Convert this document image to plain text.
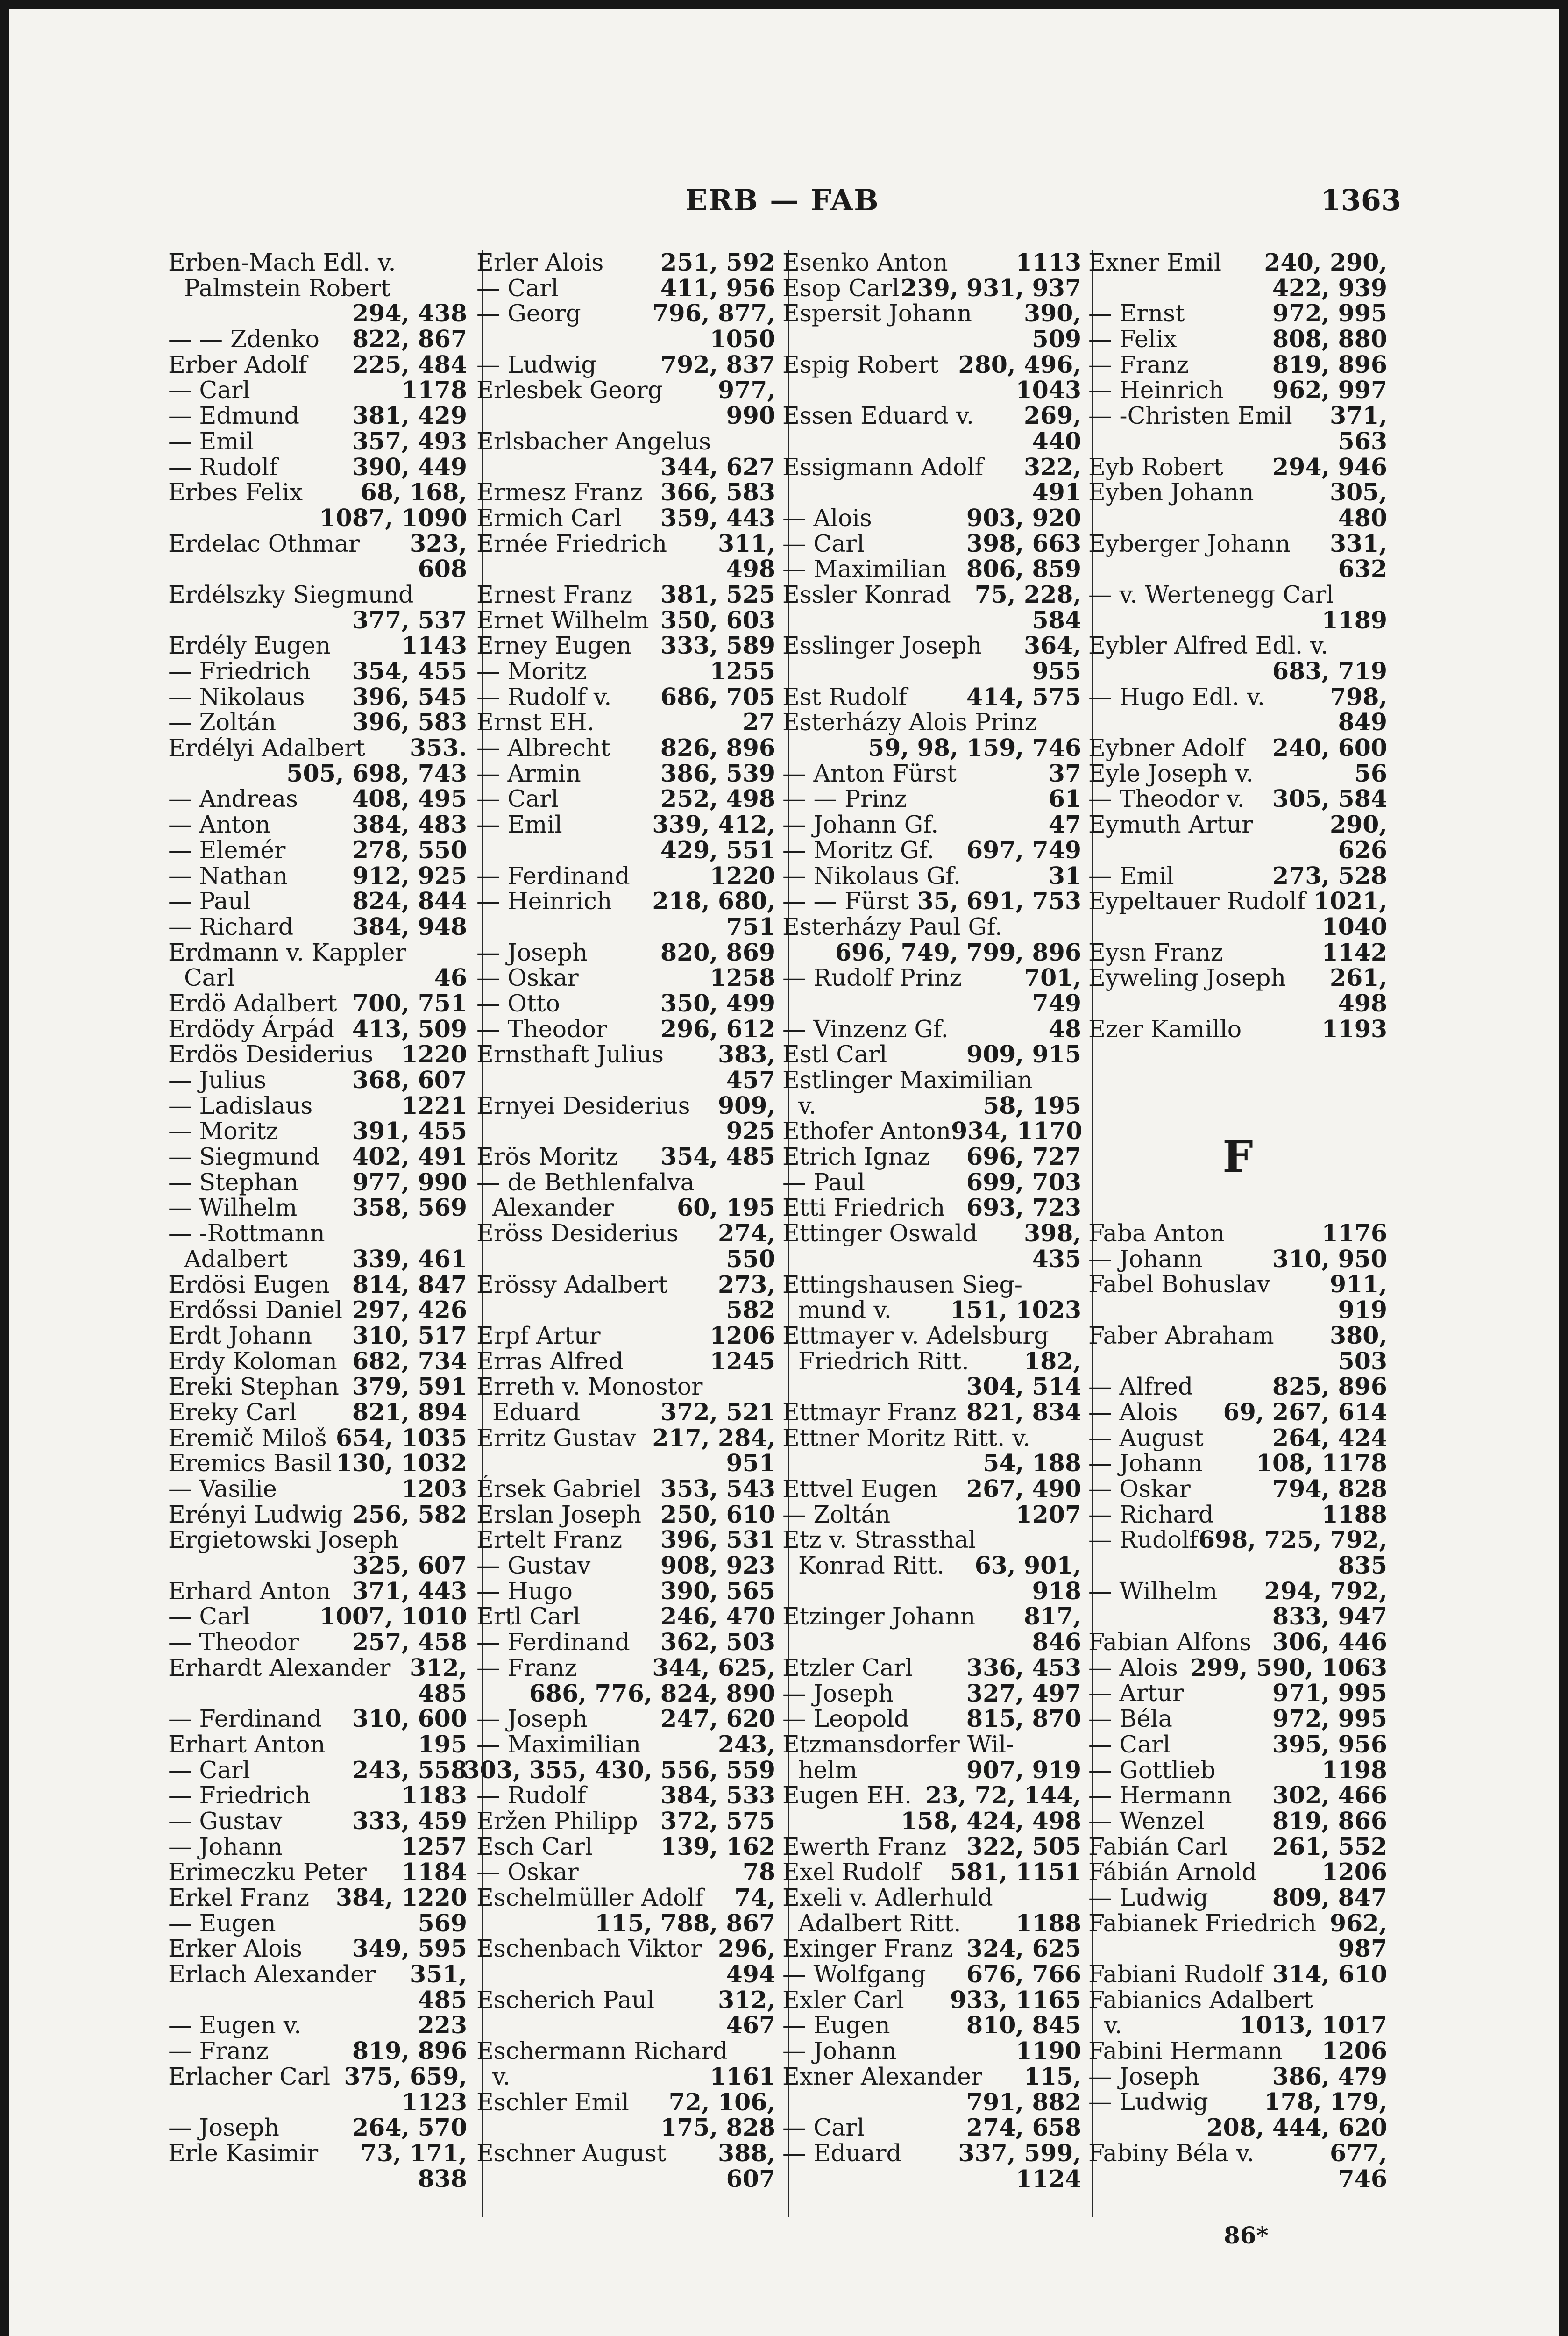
ERB — FAB	1363
Erben-Mach Edl. v.
Palmstein Robert
294, 438
— — Zdenko 822, 867
Erber Adolf 225, 484
— Carl	1178
— Edmund 381, 429
— Emil	357, 493
— Rudolf	390, 449
Erbes Felix 68, 168,
1087, 1090
Erdelac Othmar 323,
608
Erdélszky Siegmund
377, 537
Erdély Eugen	1143
— Friedrich 354, 455
— Nikolaus 396, 545
— Zoltán	396, 583
Erdélyi Adalbert 353.
505, 698, 743
— Andreas 408, 495
— Anton	384, 483
— Elemér	278, 550
— Nathan	912, 925
— Paul	824, 844
— Richard 384, 948
Erdmann v. Kappler
Carl	46
Erdö Adalbert 700, 751
Erdödy Árpád 413, 509
Erdös Desiderius 1220
— Julius	368, 607
— Ladislaus	1221
— Moritz	391, 455
— Siegmund 402, 491
— Stephan 977, 990
— Wilhelm 358, 569
— -Rottmann
Adalbert	339, 461
Erdösi Eugen 814, 847
Erdőssi Daniel 297, 426
Erdt Johann 310, 517
Erdy Koloman 682, 734
Ereki Stephan 379, 591
Ereky Carl 821, 894
Eremič Miloš 654, 1035
Eremics Basil 130, 1032
— Vasilie	1203
Erényi Ludwig 256, 582
Ergietowski Joseph
325, 607
Erhard Anton 371, 443
— Carl	1007, 1010
— Theodor 257, 458
Erhardt Alexander 312,
485
— Ferdinand 310, 600
Erhart Anton	195
— Carl	243, 558
— Friedrich	1183
— Gustav	333, 459
— Johann	1257
Erimeczku Peter 1184
Erkel Franz 384, 1220
— Eugen	569
Erker Alois 349, 595
Erlach Alexander 351,
485
— Eugen v.	223
— Franz	819, 896
Erlacher Carl 375, 659,
1123
— Joseph	264, 570
Erle Kasimir 73, 171,
838
Erler Alois 251, 592
— Carl	411, 956
— Georg	796, 877,
1050
— Ludwig	792, 837
Erlesbek Georg 977,
990
Erlsbacher Angelus
344, 627
Ermesz Franz 366, 583
Ermich Carl 359, 443
Ernée Friedrich 311,
498
Ernest Franz 381, 525
Ernet Wilhelm 350, 603
Erney Eugen 333, 589
— Moritz	1255
— Rudolf v. 686, 705
Ernst EH.	27
— Albrecht 826, 896
— Armin	386, 539
— Carl	252, 498
— Emil	339, 412,
429, 551
— Ferdinand	1220
— Heinrich 218, 680,
751
— Joseph	820, 869
— Oskar	1258
— Otto	350, 499
— Theodor 296, 612
Ernsthaft Julius 383,
457
Ernyei Desiderius 909,
925
Erös Moritz 354, 485
— de Bethlenfalva
Alexander	60, 195
Eröss Desiderius 274,
550
Erössy Adalbert 273,
582
Erpf Artur	1206
Erras Alfred	1245
Erreth v. Monostor
Eduard	372, 521
Erritz Gustav 217, 284,
951
Érsek Gabriel 353, 543
Erslan Joseph 250, 610
Ertelt Franz 396, 531
— Gustav	908, 923
— Hugo	390, 565
Ertl Carl	246, 470
— Ferdinand 362, 503
— Franz	344, 625,
686, 776, 824, 890
— Joseph	247, 620
— Maximilian	243,
303, 355, 430, 556, 559
— Rudolf	384, 533
Eržen Philipp 372, 575
Esch Carl	139, 162
— Oskar	78
Eschelmüller Adolf 74,
115, 788, 867
Eschenbach Viktor 296,
494
Escherich Paul	312,
467
Eschermann Richard
v.	1161
Eschler Emil 72, 106,
175, 828
Eschner August 388,
607
Esenko Anton	1113
Esop Carl 239, 931, 937
Espersit Johann 390,
509
Espig Robert 280, 496,
1043
Essen Eduard v. 269,
440
Essigmann Adolf 322,
491
— Alois	903, 920
— Carl	398, 663
— Maximilian 806, 859
Essler Konrad 75, 228,
584
Esslinger Joseph 364,
955
Est Rudolf	414, 575
Esterházy Alois Prinz
59, 98, 159, 746
— Anton Fürst	37
— — Prinz	61
— Johann Gf.	47
— Moritz Gf. 697, 749
— Nikolaus Gf.	31
— — Fürst 35, 691, 753
Esterházy Paul Gf.
696, 749, 799, 896
— Rudolf Prinz	701,
749
— Vinzenz Gf.	48
Estl Carl	909, 915
Estlinger Maximilian
v.	58, 195
Ethofer Anton 934, 1170
Etrich Ignaz 696, 727
— Paul	699, 703
Etti Friedrich 693, 723
Ettinger Oswald 398,
435
Ettingshausen Sieg-
mund v. 151, 1023
Ettmayer v. Adelsburg
Friedrich Ritt. 182,
304, 514
Ettmayr Franz 821, 834
Ettner Moritz Ritt. v.
54, 188
Ettvel Eugen 267, 490
— Zoltán	1207
Etz v. Strassthal
Konrad Ritt. 63, 901,
918
Etzinger Johann 817,
846
Etzler Carl 336, 453
— Joseph	327, 497
— Leopold 815, 870
Etzmansdorfer Wil-
helm	907, 919
Eugen EH. 23, 72, 144,
158, 424, 498
Ewerth Franz 322, 505
Exel Rudolf 581, 1151
Exeli v. Adlerhuld
Adalbert Ritt. 1188
Exinger Franz 324, 625
— Wolfgang 676, 766
Exler Carl 933, 1165
— Eugen	810, 845
— Johann	1190
Exner Alexander 115,
791, 882
— Carl	274, 658
— Eduard 337, 599,
1124
Exner Emil 240, 290,
422, 939
— Ernst	972, 995
— Felix	808, 880
— Franz	819, 896
— Heinrich 962, 997
— -Christen Emil 371,
563
Eyb Robert 294, 946
Eyben Johann	305,
480
Eyberger Johann 331,
632
— v. Wertenegg Carl
1189
Eybler Alfred Edl. v.
683, 719
— Hugo Edl. v.	798,
849
Eybner Adolf 240, 600
Eyle Joseph v.	56
— Theodor v. 305, 584
Eymuth Artur	290,
626
— Emil	273, 528
Eypeltauer Rudolf 1021,
1040
Eysn Franz	1142
Eyweling Joseph 261,
498
Ezer Kamillo	1193
F
Faba Anton	1176
— Johann	310, 950
Fabel Bohuslav	911,
919
Faber Abraham 380,
503
— Alfred	825, 896
— Alois 69, 267, 614
— August	264, 424
— Johann 108, 1178
— Oskar	794, 828
— Richard	1188
— Rudolf 698, 725, 792,
835
— Wilhelm 294, 792,
833, 947
Fabian Alfons 306, 446
— Alois 299, 590, 1063
— Artur	971, 995
— Béla	972, 995
— Carl	395, 956
— Gottlieb	1198
— Hermann 302, 466
— Wenzel	819, 866
Fabián Carl 261, 552
Fábián Arnold	1206
— Ludwig	809, 847
Fabianek Friedrich 962,
987
Fabiani Rudolf 314, 610
Fabianics Adalbert
v.	1013, 1017
Fabini Hermann 1206
— Joseph	386, 479
— Ludwig 178, 179,
208, 444, 620
Fabiny Béla v.	677,
746
86*
